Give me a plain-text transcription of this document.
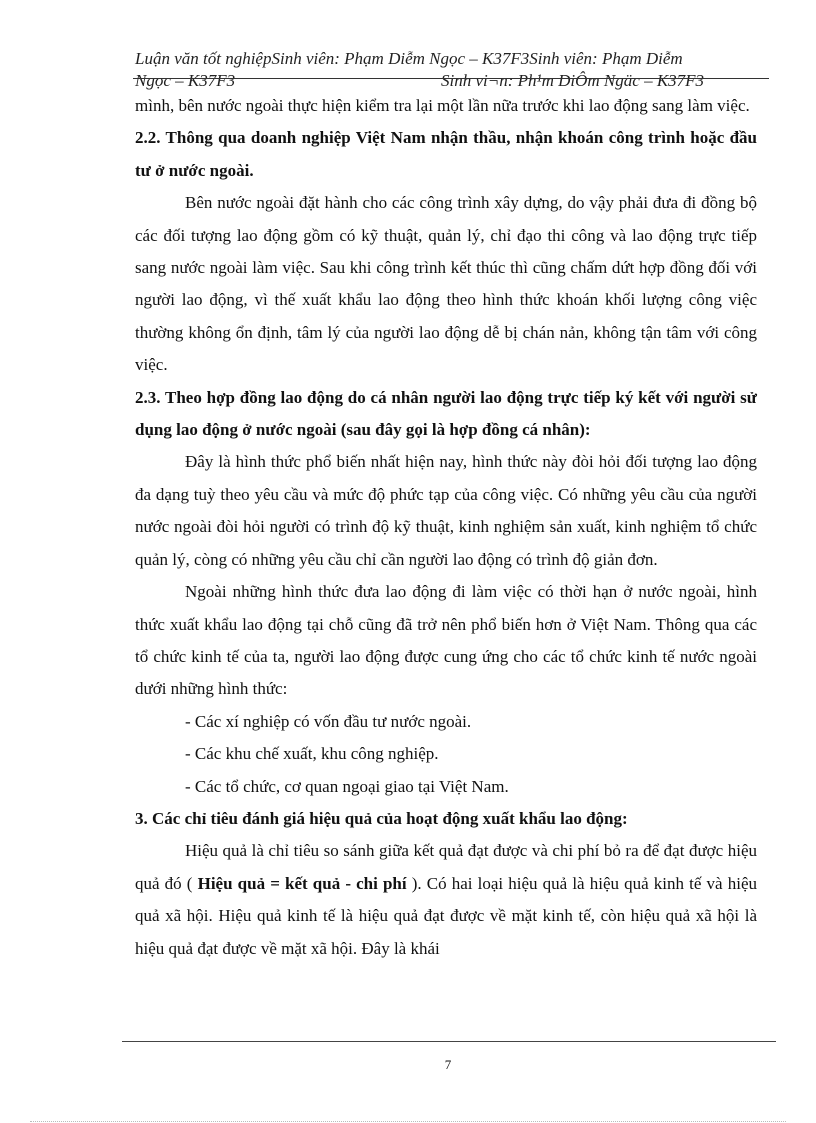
Luận văn tốt nghiệpSinh viên: Phạm Diễm Ngọc – K37F3Sinh viên: Phạm Diễm
Ngọc – K37F3	Sinh vi¬n: Ph¹m DiÔm Ngäc – K37F3

mình, bên nước ngoài thực hiện kiểm tra lại một lần nữa trước khi lao động sang làm việc.

2.2. Thông qua doanh nghiệp Việt Nam nhận thầu, nhận khoán công trình hoặc đầu tư ở nước ngoài.

Bên nước ngoài đặt hành cho các công trình xây dựng, do vậy phải đưa đi đồng bộ các đối tượng lao động gồm có kỹ thuật, quản lý, chỉ đạo thi công và lao động trực tiếp sang nước ngoài làm việc. Sau khi công trình kết thúc thì cũng chấm dứt hợp đồng đối với người lao động, vì thế xuất khẩu lao động theo hình thức khoán khối lượng công việc thường không ổn định, tâm lý của người lao động dễ bị chán nản, không tận tâm với công việc.

2.3. Theo hợp đồng lao động do cá nhân người lao động trực tiếp ký kết với người sử dụng lao động ở nước ngoài (sau đây gọi là hợp đồng cá nhân):

Đây là hình thức phổ biến nhất hiện nay, hình thức này đòi hỏi đối tượng lao động đa dạng tuỳ theo yêu cầu và mức độ phức tạp của công việc. Có những yêu cầu của người nước ngoài đòi hỏi người có trình độ kỹ thuật, kinh nghiệm sản xuất, kinh nghiệm tổ chức quản lý, còng có những yêu cầu chỉ cần người lao động có trình độ giản đơn.

Ngoài những hình thức đưa lao động đi làm việc có thời hạn ở nước ngoài, hình thức xuất khẩu lao động tại chỗ cũng đã trở nên phổ biến hơn ở Việt Nam. Thông qua các tổ chức kinh tế của ta, người lao động được cung ứng cho các tổ chức kinh tế nước ngoài dưới những hình thức:

- Các xí nghiệp có vốn đầu tư nước ngoài.

- Các khu chế xuất, khu công nghiệp.

- Các tổ chức, cơ quan ngoại giao tại Việt Nam.

3. Các chỉ tiêu đánh giá hiệu quả của hoạt động xuất khẩu lao động:

Hiệu quả là chỉ tiêu so sánh giữa kết quả đạt được và chi phí bỏ ra để đạt được hiệu quả đó ( Hiệu quả = kết quả - chi phí ). Có hai loại hiệu quả là hiệu quả kinh tế và hiệu quả xã hội. Hiệu quả kinh tế là hiệu quả đạt được về mặt kinh tế, còn hiệu quả xã hội là hiệu quả đạt được về mặt xã hội. Đây là khái

7
